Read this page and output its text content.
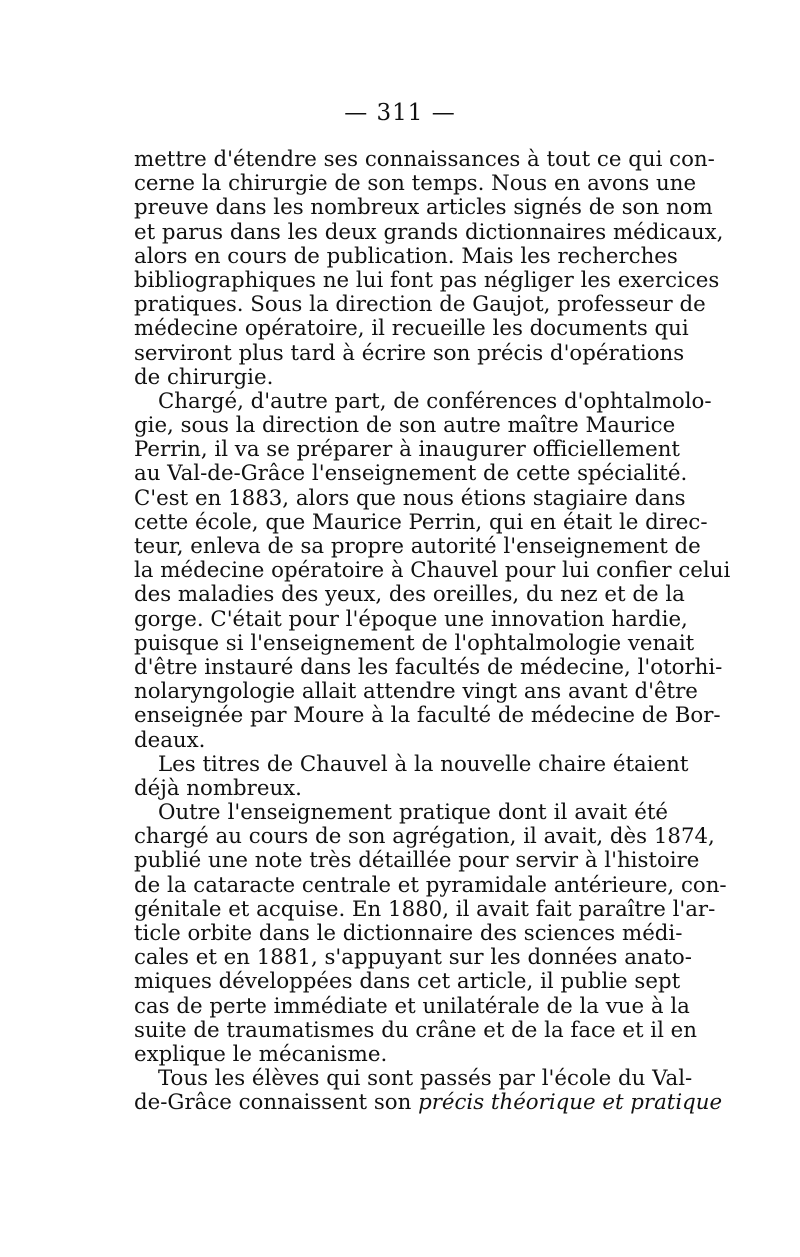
— 311 —
mettre d'étendre ses connaissances à tout ce qui con-
cerne la chirurgie de son temps. Nous en avons une
preuve dans les nombreux articles signés de son nom
et parus dans les deux grands dictionnaires médicaux,
alors en cours de publication. Mais les recherches
bibliographiques ne lui font pas négliger les exercices
pratiques. Sous la direction de Gaujot, professeur de
médecine opératoire, il recueille les documents qui
serviront plus tard à écrire son précis d'opérations
de chirurgie.
Chargé, d'autre part, de conférences d'ophtalmolo-
gie, sous la direction de son autre maître Maurice
Perrin, il va se préparer à inaugurer officiellement
au Val-de-Grâce l'enseignement de cette spécialité.
C'est en 1883, alors que nous étions stagiaire dans
cette école, que Maurice Perrin, qui en était le direc-
teur, enleva de sa propre autorité l'enseignement de
la médecine opératoire à Chauvel pour lui confier celui
des maladies des yeux, des oreilles, du nez et de la
gorge. C'était pour l'époque une innovation hardie,
puisque si l'enseignement de l'ophtalmologie venait
d'être instauré dans les facultés de médecine, l'otorhi-
nolaryngologie allait attendre vingt ans avant d'être
enseignée par Moure à la faculté de médecine de Bor-
deaux.
Les titres de Chauvel à la nouvelle chaire étaient
déjà nombreux.
Outre l'enseignement pratique dont il avait été
chargé au cours de son agrégation, il avait, dès 1874,
publié une note très détaillée pour servir à l'histoire
de la cataracte centrale et pyramidale antérieure, con-
génitale et acquise. En 1880, il avait fait paraître l'ar-
ticle orbite dans le dictionnaire des sciences médi-
cales et en 1881, s'appuyant sur les données anato-
miques développées dans cet article, il publie sept
cas de perte immédiate et unilatérale de la vue à la
suite de traumatismes du crâne et de la face et il en
explique le mécanisme.
Tous les élèves qui sont passés par l'école du Val-
de-Grâce connaissent son précis théorique et pratique
